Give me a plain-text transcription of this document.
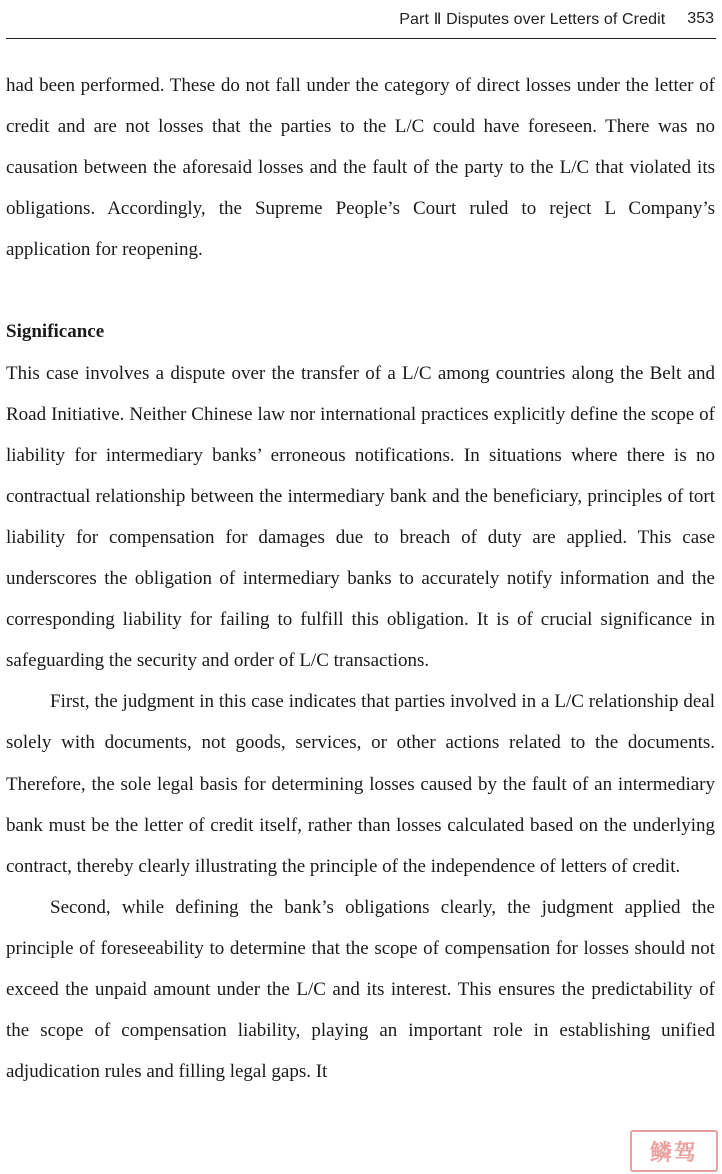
Part Ⅱ Disputes over Letters of Credit 353

had been performed. These do not fall under the category of direct losses under the letter of credit and are not losses that the parties to the L/C could have foreseen. There was no causation between the aforesaid losses and the fault of the party to the L/C that violated its obligations. Accordingly, the Supreme People’s Court ruled to reject L Company’s application for reopening.

Significance

This case involves a dispute over the transfer of a L/C among countries along the Belt and Road Initiative. Neither Chinese law nor international practices explicitly define the scope of liability for intermediary banks’ erroneous notifications. In situations where there is no contractual relationship between the intermediary bank and the beneficiary, principles of tort liability for compensation for damages due to breach of duty are applied. This case underscores the obligation of intermediary banks to accurately notify information and the corresponding liability for failing to fulfill this obligation. It is of crucial significance in safeguarding the security and order of L/C transactions.

First, the judgment in this case indicates that parties involved in a L/C relationship deal solely with documents, not goods, services, or other actions related to the documents. Therefore, the sole legal basis for determining losses caused by the fault of an intermediary bank must be the letter of credit itself, rather than losses calculated based on the underlying contract, thereby clearly illustrating the principle of the independence of letters of credit.

Second, while defining the bank’s obligations clearly, the judgment applied the principle of foreseeability to determine that the scope of compensation for losses should not exceed the unpaid amount under the L/C and its interest. This ensures the predictability of the scope of compensation liability, playing an important role in establishing unified adjudication rules and filling legal gaps. It

鳞驾
